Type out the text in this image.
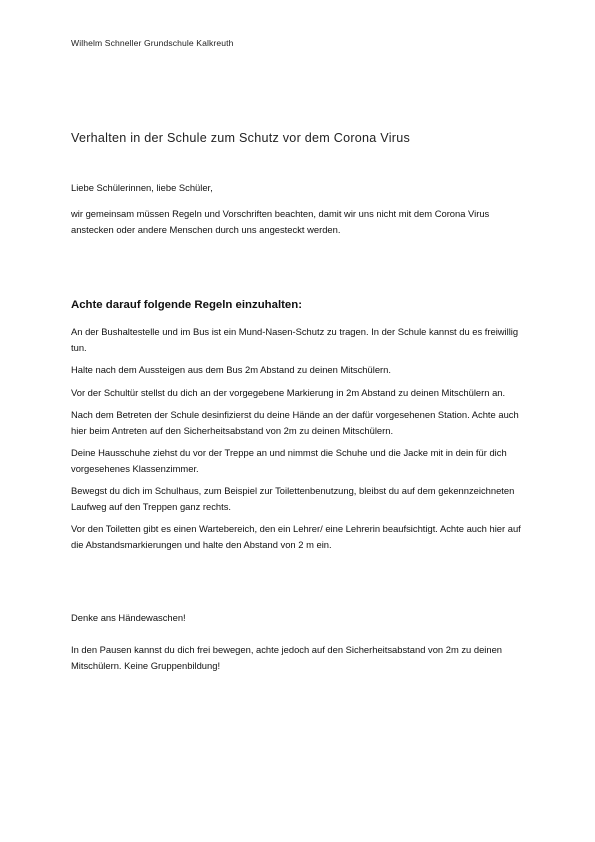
Wilhelm Schneller Grundschule Kalkreuth
Verhalten in der Schule zum Schutz vor dem Corona Virus
Liebe Schülerinnen, liebe Schüler,

wir gemeinsam müssen Regeln und Vorschriften beachten, damit wir uns nicht mit dem Corona Virus anstecken oder andere Menschen durch uns angesteckt werden.

Achte darauf folgende Regeln einzuhalten:

An der Bushaltestelle und im Bus ist ein Mund-Nasen-Schutz zu tragen. In der Schule kannst du es freiwillig tun.

Halte nach dem Aussteigen aus dem Bus 2m Abstand zu deinen Mitschülern.

Vor der Schultür stellst du dich an der vorgegebene Markierung in 2m Abstand zu deinen Mitschülern an.

Nach dem Betreten der Schule desinfizierst du deine Hände an der dafür vorgesehenen Station. Achte auch hier beim Antreten auf den Sicherheitsabstand von 2m zu deinen Mitschülern.

Deine Hausschuhe ziehst du vor der Treppe an und nimmst die Schuhe und die Jacke mit in dein für dich vorgesehenes Klassenzimmer.

Bewegst du dich im Schulhaus, zum Beispiel zur Toilettenbenutzung, bleibst du auf dem gekennzeichneten Laufweg auf den Treppen ganz rechts.

Vor den Toiletten gibt es einen Wartebereich, den ein Lehrer/ eine Lehrerin beaufsichtigt. Achte auch hier auf die Abstandsmarkierungen und halte den Abstand von 2 m ein.

Denke ans Händewaschen!

In den Pausen kannst du dich frei bewegen, achte jedoch auf den Sicherheitsabstand von 2m zu deinen Mitschülern. Keine Gruppenbildung!
